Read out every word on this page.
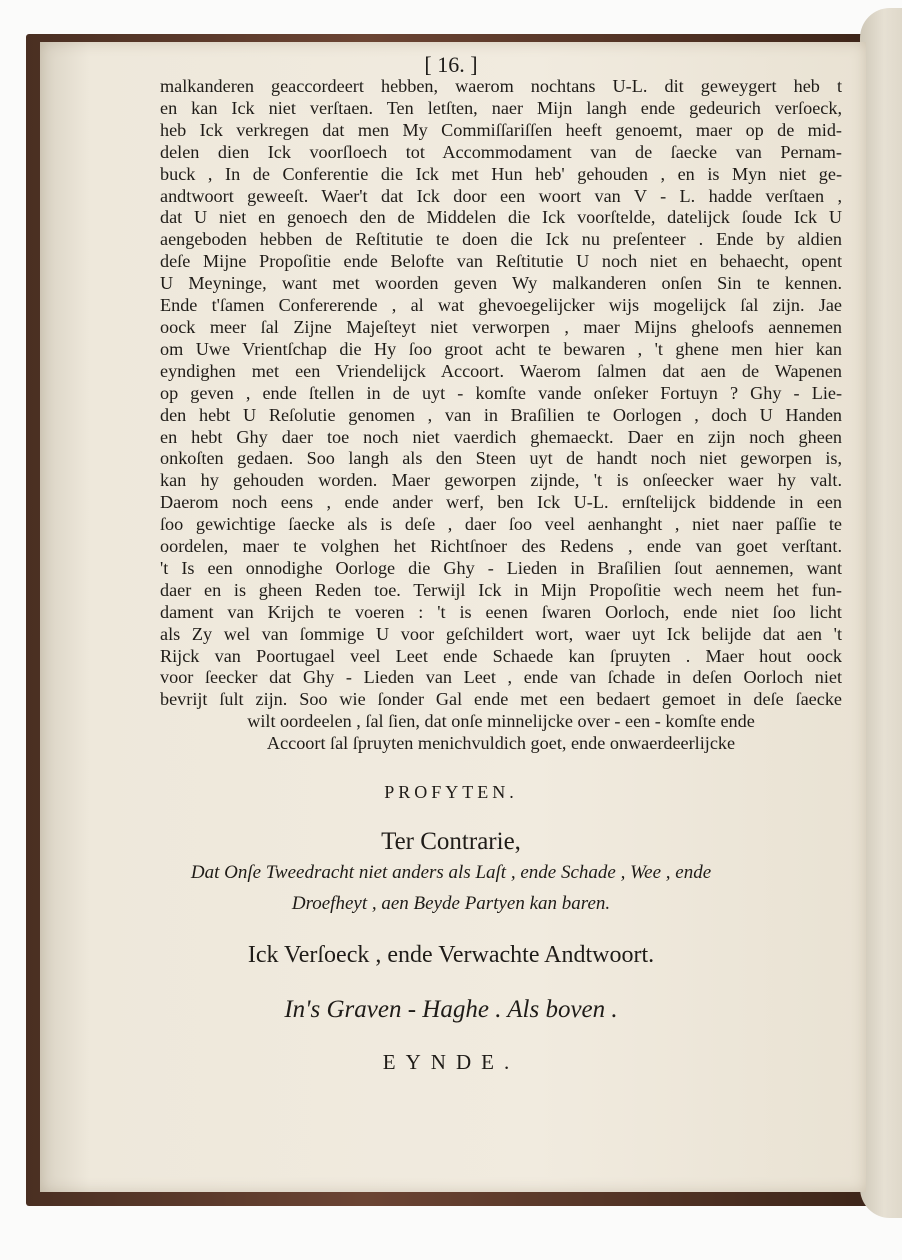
[ 16. ]
malkanderen geaccordeert hebben, waerom nochtans U-L. dit geweygert heb t
en kan Ick niet verſtaen. Ten letſten, naer Mijn langh ende gedeurich verſoeck,
heb Ick verkregen dat men My Commiſſariſſen heeft genoemt, maer op de mid-
delen dien Ick voorſloech tot Accommodament van de ſaecke van Pernam-
buck , In de Conferentie die Ick met Hun heb' gehouden , en is Myn niet ge-
andtwoort geweeſt. Waer't dat Ick door een woort van V - L. hadde verſtaen ,
dat U niet en genoech den de Middelen die Ick voorſtelde, datelijck ſoude Ick U
aengeboden hebben de Reſtitutie te doen die Ick nu preſenteer . Ende by aldien
deſe Mijne Propoſitie ende Belofte van Reſtitutie U noch niet en behaecht, opent
U Meyninge, want met woorden geven Wy malkanderen onſen Sin te kennen.
Ende t'ſamen Confererende , al wat ghevoegelijcker wijs mogelijck ſal zijn. Jae
oock meer ſal Zijne Majeſteyt niet verworpen , maer Mijns gheloofs aennemen
om Uwe Vrientſchap die Hy ſoo groot acht te bewaren , 't ghene men hier kan
eyndighen met een Vriendelijck Accoort. Waerom ſalmen dat aen de Wapenen
op geven , ende ſtellen in de uyt - komſte vande onſeker Fortuyn ? Ghy - Lie-
den hebt U Reſolutie genomen , van in Braſilien te Oorlogen , doch U Handen
en hebt Ghy daer toe noch niet vaerdich ghemaeckt. Daer en zijn noch gheen
onkoſten gedaen. Soo langh als den Steen uyt de handt noch niet geworpen is,
kan hy gehouden worden. Maer geworpen zijnde, 't is onſeecker waer hy valt.
Daerom noch eens , ende ander werf, ben Ick U-L. ernſtelijck biddende in een
ſoo gewichtige ſaecke als is deſe , daer ſoo veel aenhanght , niet naer paſſie te
oordelen, maer te volghen het Richtſnoer des Redens , ende van goet verſtant.
't Is een onnodighe Oorloge die Ghy - Lieden in Braſilien ſout aennemen, want
daer en is gheen Reden toe. Terwijl Ick in Mijn Propoſitie wech neem het fun-
dament van Krijch te voeren : 't is eenen ſwaren Oorloch, ende niet ſoo licht
als Zy wel van ſommige U voor geſchildert wort, waer uyt Ick belijde dat aen 't
Rijck van Poortugael veel Leet ende Schaede kan ſpruyten . Maer hout oock
voor ſeecker dat Ghy - Lieden van Leet , ende van ſchade in deſen Oorloch niet
bevrijt ſult zijn. Soo wie ſonder Gal ende met een bedaert gemoet in deſe ſaecke
wilt oordeelen , ſal ſien, dat onſe minnelijcke over - een - komſte ende
Accoort ſal ſpruyten menichvuldich goet, ende onwaerdeerlijcke
PROFYTEN.
Ter Contrarie,
Dat Onſe Tweedracht niet anders als Laſt , ende Schade , Wee , ende
Droefheyt , aen Beyde Partyen kan baren.
Ick Verſoeck , ende Verwachte Andtwoort.
In's Graven - Haghe . Als boven .
EYNDE.
